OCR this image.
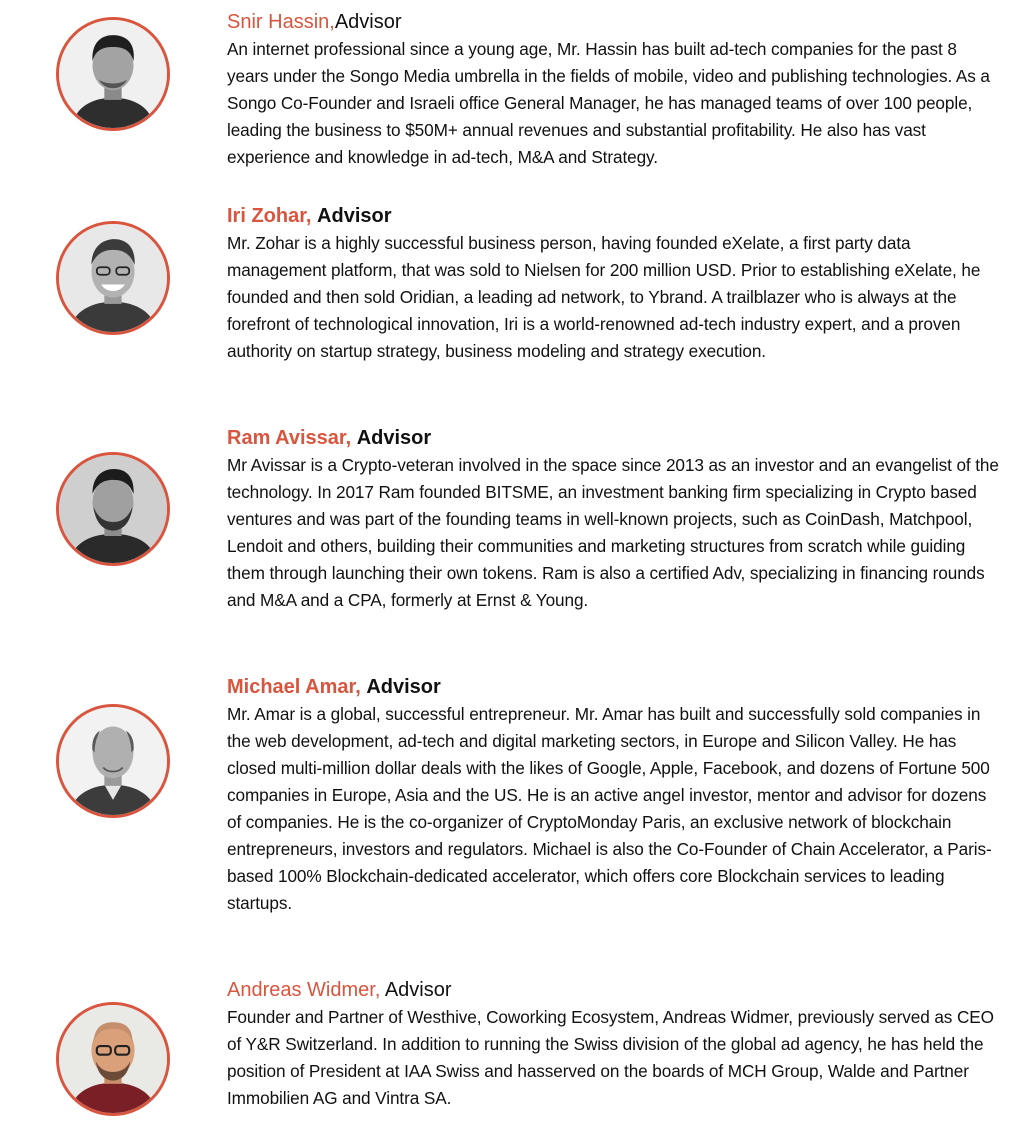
Snir Hassin,Advisor
An internet professional since a young age, Mr. Hassin has built ad-tech companies for the past 8 years under the Songo Media umbrella in the fields of mobile, video and publishing technologies. As a Songo Co-Founder and Israeli office General Manager, he has managed teams of over 100 people, leading the business to $50M+ annual revenues and substantial profitability. He also has vast experience and knowledge in ad-tech, M&A and Strategy.
Iri Zohar, Advisor
Mr. Zohar is a highly successful business person, having founded eXelate, a first party data management platform, that was sold to Nielsen for 200 million USD. Prior to establishing eXelate, he founded and then sold Oridian, a leading ad network, to Ybrand. A trailblazer who is always at the forefront of technological innovation, Iri is a world-renowned ad-tech industry expert, and a proven authority on startup strategy, business modeling and strategy execution.
Ram Avissar, Advisor
Mr Avissar is a Crypto-veteran involved in the space since 2013 as an investor and an evangelist of the technology. In 2017 Ram founded BITSME, an investment banking firm specializing in Crypto based ventures and was part of the founding teams in well-known projects, such as CoinDash, Matchpool, Lendoit and others, building their communities and marketing structures from scratch while guiding them through launching their own tokens. Ram is also a certified Adv, specializing in financing rounds and M&A and a CPA, formerly at Ernst & Young.
Michael Amar, Advisor
Mr. Amar is a global, successful entrepreneur. Mr. Amar has built and successfully sold companies in the web development, ad-tech and digital marketing sectors, in Europe and Silicon Valley. He has closed multi-million dollar deals with the likes of Google, Apple, Facebook, and dozens of Fortune 500 companies in Europe, Asia and the US. He is an active angel investor, mentor and advisor for dozens of companies. He is the co-organizer of CryptoMonday Paris, an exclusive network of blockchain entrepreneurs, investors and regulators. Michael is also the Co-Founder of Chain Accelerator, a Paris-based 100% Blockchain-dedicated accelerator, which offers core Blockchain services to leading startups.
Andreas Widmer, Advisor
Founder and Partner of Westhive, Coworking Ecosystem, Andreas Widmer, previously served as CEO of Y&R Switzerland. In addition to running the Swiss division of the global ad agency, he has held the position of President at IAA Swiss and hasserved on the boards of MCH Group, Walde and Partner Immobilien AG and Vintra SA.
